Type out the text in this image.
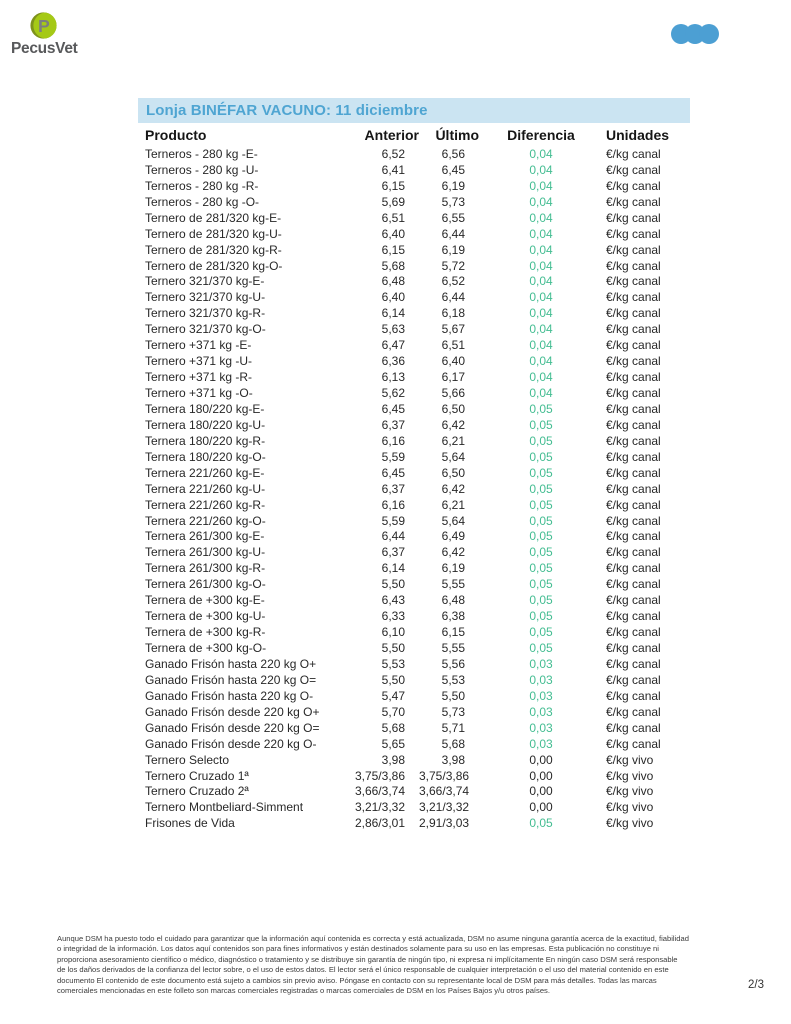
P
PecusVet
Lonja BINÉFAR VACUNO: 11 diciembre
Producto	Anterior	Último	Diferencia	Unidades
Terneros - 280 kg -E-	6,52	6,56	0,04	€/kg canal
Terneros - 280 kg -U-	6,41	6,45	0,04	€/kg canal
Terneros - 280 kg -R-	6,15	6,19	0,04	€/kg canal
Terneros - 280 kg -O-	5,69	5,73	0,04	€/kg canal
Ternero de 281/320 kg-E-	6,51	6,55	0,04	€/kg canal
Ternero de 281/320 kg-U-	6,40	6,44	0,04	€/kg canal
Ternero de 281/320 kg-R-	6,15	6,19	0,04	€/kg canal
Ternero de 281/320 kg-O-	5,68	5,72	0,04	€/kg canal
Ternero 321/370 kg-E-	6,48	6,52	0,04	€/kg canal
Ternero 321/370 kg-U-	6,40	6,44	0,04	€/kg canal
Ternero 321/370 kg-R-	6,14	6,18	0,04	€/kg canal
Ternero 321/370 kg-O-	5,63	5,67	0,04	€/kg canal
Ternero +371 kg -E-	6,47	6,51	0,04	€/kg canal
Ternero +371 kg -U-	6,36	6,40	0,04	€/kg canal
Ternero +371 kg -R-	6,13	6,17	0,04	€/kg canal
Ternero +371 kg -O-	5,62	5,66	0,04	€/kg canal
Ternera 180/220 kg-E-	6,45	6,50	0,05	€/kg canal
Ternera 180/220 kg-U-	6,37	6,42	0,05	€/kg canal
Ternera 180/220 kg-R-	6,16	6,21	0,05	€/kg canal
Ternera 180/220 kg-O-	5,59	5,64	0,05	€/kg canal
Ternera 221/260 kg-E-	6,45	6,50	0,05	€/kg canal
Ternera 221/260 kg-U-	6,37	6,42	0,05	€/kg canal
Ternera 221/260 kg-R-	6,16	6,21	0,05	€/kg canal
Ternera 221/260 kg-O-	5,59	5,64	0,05	€/kg canal
Ternera 261/300 kg-E-	6,44	6,49	0,05	€/kg canal
Ternera 261/300 kg-U-	6,37	6,42	0,05	€/kg canal
Ternera 261/300 kg-R-	6,14	6,19	0,05	€/kg canal
Ternera 261/300 kg-O-	5,50	5,55	0,05	€/kg canal
Ternera de +300 kg-E-	6,43	6,48	0,05	€/kg canal
Ternera de +300 kg-U-	6,33	6,38	0,05	€/kg canal
Ternera de +300 kg-R-	6,10	6,15	0,05	€/kg canal
Ternera de +300 kg-O-	5,50	5,55	0,05	€/kg canal
Ganado Frisón hasta 220 kg O+	5,53	5,56	0,03	€/kg canal
Ganado Frisón hasta 220 kg O=	5,50	5,53	0,03	€/kg canal
Ganado Frisón hasta 220 kg O-	5,47	5,50	0,03	€/kg canal
Ganado Frisón desde 220 kg O+	5,70	5,73	0,03	€/kg canal
Ganado Frisón desde 220 kg O=	5,68	5,71	0,03	€/kg canal
Ganado Frisón desde 220 kg O-	5,65	5,68	0,03	€/kg canal
Ternero Selecto	3,98	3,98	0,00	€/kg vivo
Ternero Cruzado 1ª	3,75/3,86	3,75/3,86	0,00	€/kg vivo
Ternero Cruzado 2ª	3,66/3,74	3,66/3,74	0,00	€/kg vivo
Ternero Montbeliard-Simment	3,21/3,32	3,21/3,32	0,00	€/kg vivo
Frisones de Vida	2,86/3,01	2,91/3,03	0,05	€/kg vivo
Aunque DSM ha puesto todo el cuidado para garantizar que la información aquí contenida es correcta y está actualizada, DSM no asume ninguna garantía acerca de la exactitud, fiabilidad
o integridad de la información. Los datos aquí contenidos son para fines informativos y están destinados solamente para su uso en las empresas. Esta publicación no constituye ni
proporciona asesoramiento científico o médico, diagnóstico o tratamiento y se distribuye sin garantía de ningún tipo, ni expresa ni implícitamente En ningún caso DSM será responsable
de los daños derivados de la confianza del lector sobre, o el uso de estos datos. El lector será el único responsable de cualquier interpretación o el uso del material contenido en este
documento El contenido de este documento está sujeto a cambios sin previo aviso. Póngase en contacto con su representante local de DSM para más detalles. Todas las marcas
comerciales mencionadas en este folleto son marcas comerciales registradas o marcas comerciales de DSM en los Países Bajos y/u otros países.	2/3
